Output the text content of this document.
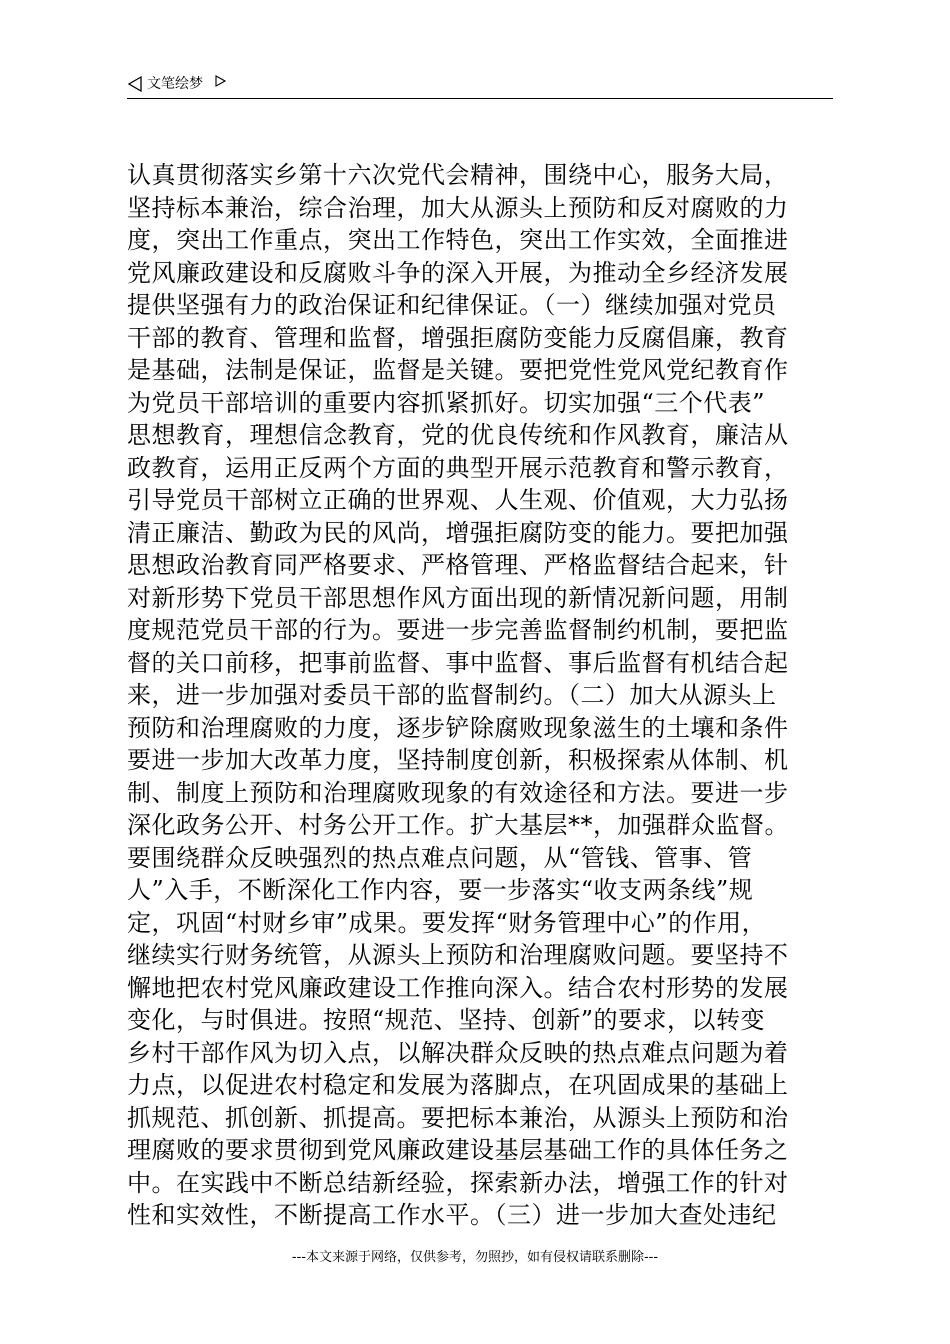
文笔绘梦
认真贯彻落实乡第十六次党代会精神，围绕中心，服务大局，
坚持标本兼治，综合治理，加大从源头上预防和反对腐败的力
度，突出工作重点，突出工作特色，突出工作实效，全面推进
党风廉政建设和反腐败斗争的深入开展，为推动全乡经济发展
提供坚强有力的政治保证和纪律保证。（一）继续加强对党员
干部的教育、管理和监督，增强拒腐防变能力反腐倡廉，教育
是基础，法制是保证，监督是关键。要把党性党风党纪教育作
为党员干部培训的重要内容抓紧抓好。切实加强“三个代表”
思想教育，理想信念教育，党的优良传统和作风教育，廉洁从
政教育，运用正反两个方面的典型开展示范教育和警示教育，
引导党员干部树立正确的世界观、人生观、价值观，大力弘扬
清正廉洁、勤政为民的风尚，增强拒腐防变的能力。要把加强
思想政治教育同严格要求、严格管理、严格监督结合起来，针
对新形势下党员干部思想作风方面出现的新情况新问题，用制
度规范党员干部的行为。要进一步完善监督制约机制，要把监
督的关口前移，把事前监督、事中监督、事后监督有机结合起
来，进一步加强对委员干部的监督制约。（二）加大从源头上
预防和治理腐败的力度，逐步铲除腐败现象滋生的土壤和条件
要进一步加大改革力度，坚持制度创新，积极探索从体制、机
制、制度上预防和治理腐败现象的有效途径和方法。要进一步
深化政务公开、村务公开工作。扩大基层**，加强群众监督。
要围绕群众反映强烈的热点难点问题，从“管钱、管事、管
人”入手，不断深化工作内容，要一步落实“收支两条线”规
定，巩固“村财乡审”成果。要发挥“财务管理中心”的作用，
继续实行财务统管，从源头上预防和治理腐败问题。要坚持不
懈地把农村党风廉政建设工作推向深入。结合农村形势的发展
变化，与时俱进。按照“规范、坚持、创新”的要求，以转变
乡村干部作风为切入点，以解决群众反映的热点难点问题为着
力点，以促进农村稳定和发展为落脚点，在巩固成果的基础上
抓规范、抓创新、抓提高。要把标本兼治，从源头上预防和治
理腐败的要求贯彻到党风廉政建设基层基础工作的具体任务之
中。在实践中不断总结新经验，探索新办法，增强工作的针对
性和实效性，不断提高工作水平。（三）进一步加大查处违纪
---本文来源于网络，仅供参考，勿照抄，如有侵权请联系删除---
